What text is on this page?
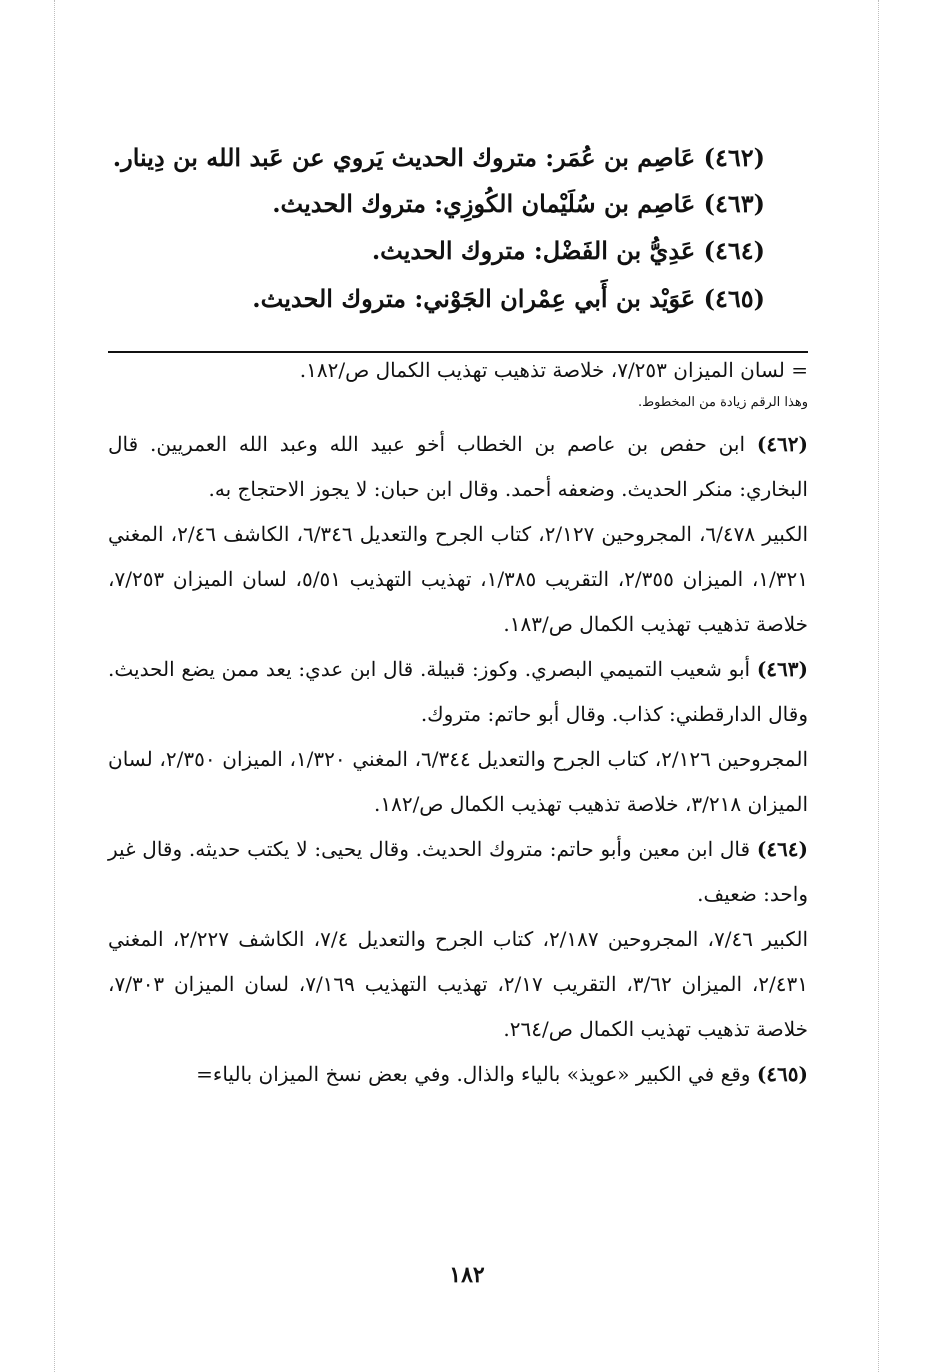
(٤٦٢) عَاصِم بن عُمَر: متروك الحديث يَروي عن عَبد الله بن دِينار.
(٤٦٣) عَاصِم بن سُلَيْمان الكُوزِي: متروك الحديث.
(٤٦٤) عَدِيُّ بن الفَضْل: متروك الحديث.
(٤٦٥) عَوَيْد بن أَبي عِمْران الجَوْني: متروك الحديث.
= لسان الميزان ٧/٢٥٣، خلاصة تذهيب تهذيب الكمال ص/١٨٢.
وهذا الرقم زيادة من المخطوط.

(٤٦٢) ابن حفص بن عاصم بن الخطاب أخو عبيد الله وعبد الله العمريين. قال البخاري: منكر الحديث. وضعفه أحمد. وقال ابن حبان: لا يجوز الاحتجاج به.

الكبير ٦/٤٧٨، المجروحين ٢/١٢٧، كتاب الجرح والتعديل ٦/٣٤٦، الكاشف ٢/٤٦، المغني ١/٣٢١، الميزان ٢/٣٥٥، التقريب ١/٣٨٥، تهذيب التهذيب ٥/٥١، لسان الميزان ٧/٢٥٣، خلاصة تذهيب تهذيب الكمال ص/١٨٣.

(٤٦٣) أبو شعيب التميمي البصري. وكوز: قبيلة. قال ابن عدي: يعد ممن يضع الحديث. وقال الدارقطني: كذاب. وقال أبو حاتم: متروك.

المجروحين ٢/١٢٦، كتاب الجرح والتعديل ٦/٣٤٤، المغني ١/٣٢٠، الميزان ٢/٣٥٠، لسان الميزان ٣/٢١٨، خلاصة تذهيب تهذيب الكمال ص/١٨٢.

(٤٦٤) قال ابن معين وأبو حاتم: متروك الحديث. وقال يحيى: لا يكتب حديثه. وقال غير واحد: ضعيف.

الكبير ٧/٤٦، المجروحين ٢/١٨٧، كتاب الجرح والتعديل ٧/٤، الكاشف ٢/٢٢٧، المغني ٢/٤٣١، الميزان ٣/٦٢، التقريب ٢/١٧، تهذيب التهذيب ٧/١٦٩، لسان الميزان ٧/٣٠٣، خلاصة تذهيب تهذيب الكمال ص/٢٦٤.

(٤٦٥) وقع في الكبير «عويذ» بالياء والذال. وفي بعض نسخ الميزان بالياء=

١٨٢
